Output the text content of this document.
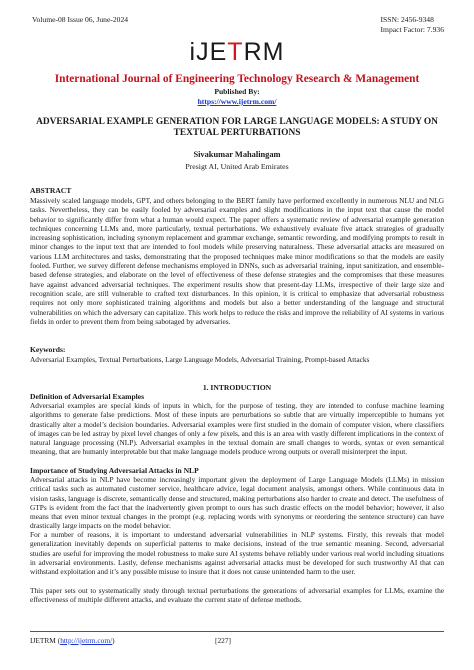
Volume-08 Issue 06, June-2024	ISSN: 2456-9348
Impact Factor: 7.936
iJETRM
International Journal of Engineering Technology Research & Management
Published By:
https://www.ijetrm.com/
ADVERSARIAL EXAMPLE GENERATION FOR LARGE LANGUAGE MODELS: A STUDY ON TEXTUAL PERTURBATIONS
Sivakumar Mahalingam
Presigt AI, United Arab Emirates
ABSTRACT

Massively scaled language models, GPT, and others belonging to the BERT family have performed excellently in numerous NLU and NLG tasks. Nevertheless, they can be easily fooled by adversarial examples and slight modifications in the input text that cause the model behavior to significantly differ from what a human would expect. The paper offers a systematic review of adversarial example generation techniques concerning LLMs and, more particularly, textual perturbations. We exhaustively evaluate five attack strategies of gradually increasing sophistication, including synonym replacement and grammar exchange, semantic rewording, and modifying prompts to result in minor changes to the input text that are intended to fool models while preserving naturalness. These adversarial attacks are measured on various LLM architectures and tasks, demonstrating that the proposed techniques make minor modifications so that the models are easily fooled. Further, we survey different defense mechanisms employed in DNNs, such as adversarial training, input sanitization, and ensemble-based defense strategies, and elaborate on the level of effectiveness of these defense strategies and the compromises that these measures have against advanced adversarial techniques. The experiment results show that present-day LLMs, irrespective of their large size and recognition scale, are still vulnerable to crafted text disturbances. In this opinion, it is critical to emphasize that adversarial robustness requires not only more sophisticated training algorithms and models but also a better understanding of the language and structural vulnerabilities on which the adversary can capitalize. This work helps to reduce the risks and improve the reliability of AI systems in various fields in order to prevent them from being sabotaged by adversaries.

Keywords:

Adversarial Examples, Textual Perturbations, Large Language Models, Adversarial Training, Prompt-based Attacks

1. INTRODUCTION
Definition of Adversarial Examples

Adversarial examples are special kinds of inputs in which, for the purpose of testing, they are intended to confuse machine learning algorithms to generate false predictions. Most of these inputs are perturbations so subtle that are virtually imperceptible to humans yet drastically alter a model’s decision boundaries. Adversarial examples were first studied in the domain of computer vision, where classifiers of images can be led astray by pixel level changes of only a few pixels, and this is an area with vastly different implications in the context of natural language processing (NLP). Adversarial examples in the textual domain are small changes to words, syntax or even semantical meaning, that are humanly interpretable but that make language models produce wrong outputs or overall misinterpret the input.

Importance of Studying Adversarial Attacks in NLP

Adversarial attacks in NLP have become increasingly important given the deployment of Large Language Models (LLMs) in mission critical tasks such as automated customer service, healthcare advice, legal document analysis, amongst others. While continuous data in vision tasks, language is discrete, semantically dense and structured, making perturbations also harder to create and detect. The usefulness of GTPs is evident from the fact that the inadvertently given prompt to ours has such drastic effects on the model behavior; however, it also means that even minor textual changes in the prompt (e.g. replacing words with synonyms or reordering the sentence structure) can have drastically large impacts on the model behavior.

For a number of reasons, it is important to understand adversarial vulnerabilities in NLP systems. Firstly, this reveals that model generalization inevitably depends on superficial patterns to make decisions, instead of the true semantic meaning. Second, adversarial studies are useful for improving the model robustness to make sure AI systems behave reliably under various real world including situations in adversarial environments. Lastly, defense mechanisms against adversarial attacks must be developed for such trustworthy AI that can withstand exploitation and it’s any possible misuse to insure that it does not cause unintended harm to the user.

This paper sets out to systematically study through textual perturbations the generations of adversarial examples for LLMs, examine the effectiveness of multiple different attacks, and evaluate the current state of defense methods.

IJETRM (http://ijetrm.com/)	[227]
